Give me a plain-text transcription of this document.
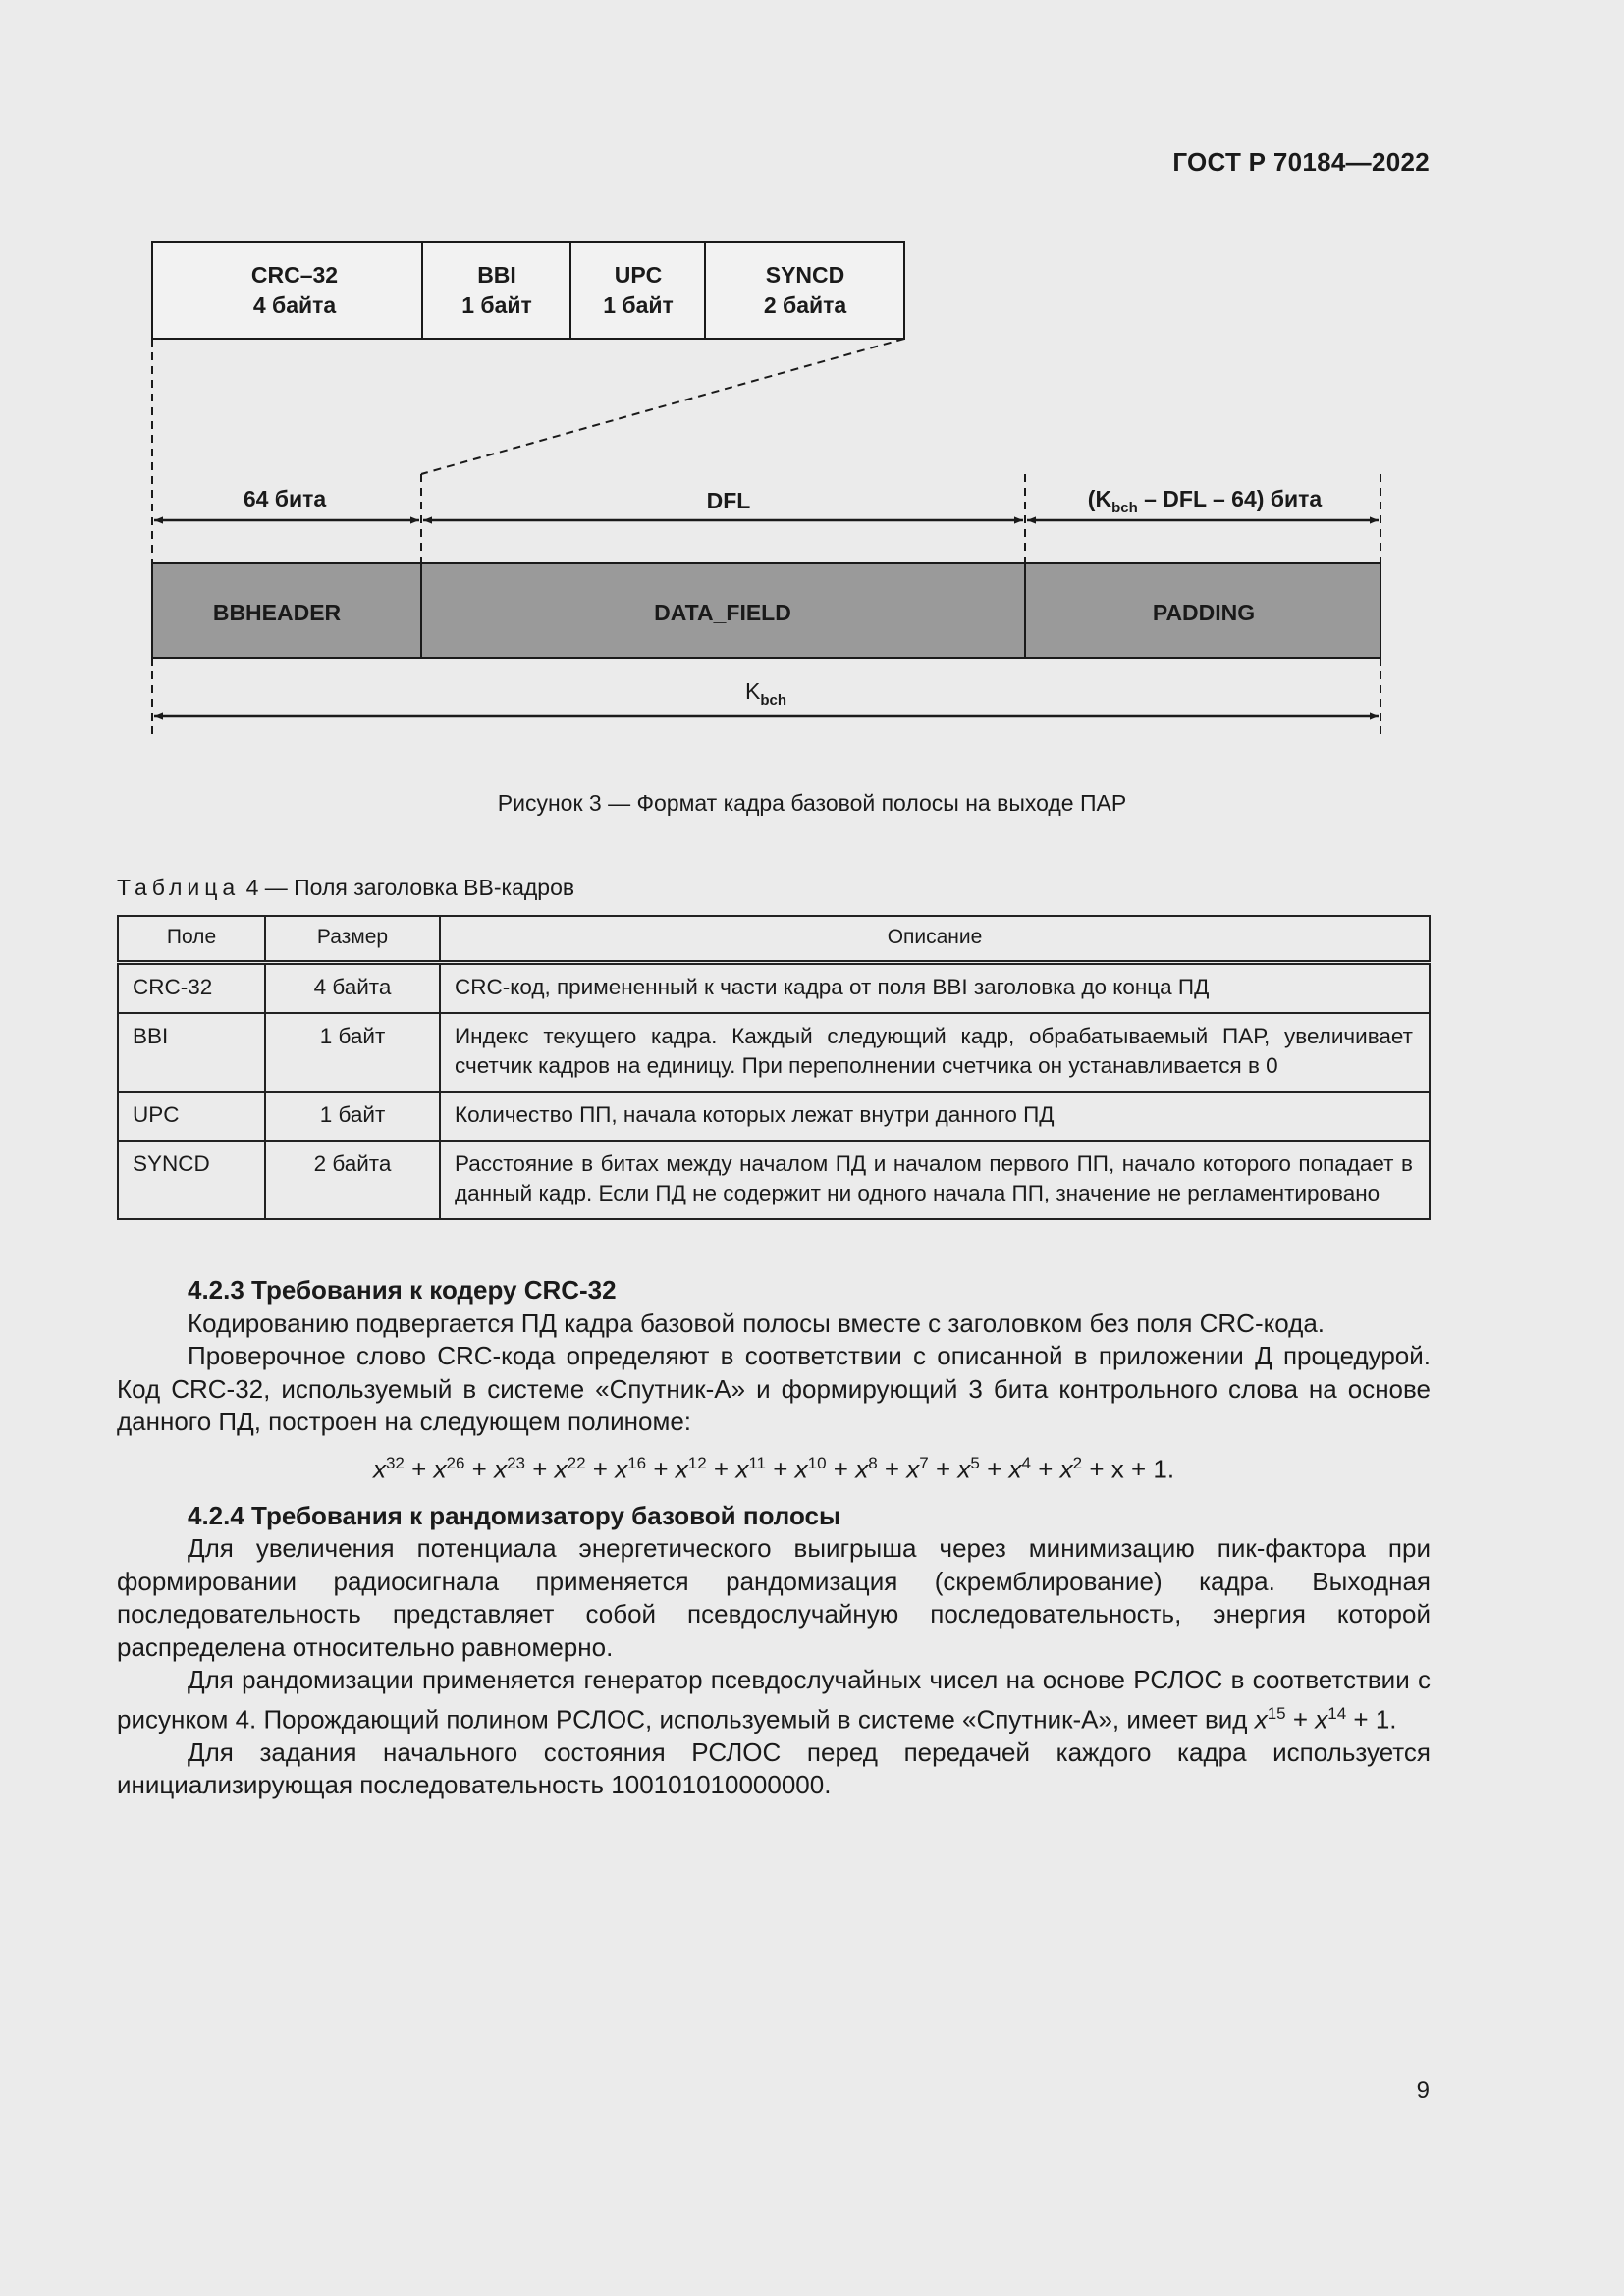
ГОСТ Р 70184—2022
CRC–32
4 байта
BBI
1 байт
UPC
1 байт
SYNCD
2 байта
64 бита	DFL	($K_{bch}$ – DFL – 64) бита
BBHEADER	DATA_FIELD	PADDING
$K_{bch}$
Рисунок 3 — Формат кадра базовой полосы на выходе ПАР
Таблица 4 — Поля заголовка BB-кадров
Поле	Размер	Описание
CRC-32	4 байта	CRC-код, примененный к части кадра от поля BBI заголовка до конца ПД
BBI	1 байт	Индекс текущего кадра. Каждый следующий кадр, обрабатываемый ПАР, увеличивает счетчик кадров на единицу. При переполнении счетчика он устанавливается в 0
UPC	1 байт	Количество ПП, начала которых лежат внутри данного ПД
SYNCD	2 байта	Расстояние в битах между началом ПД и началом первого ПП, начало которого попадает в данный кадр. Если ПД не содержит ни одного начала ПП, значение не регламентировано
4.2.3 Требования к кодеру CRC-32

Кодированию подвергается ПД кадра базовой полосы вместе с заголовком без поля CRC-кода.

Проверочное слово CRC-кода определяют в соответствии с описанной в приложении Д процедурой. Код CRC-32, используемый в системе «Спутник-А» и формирующий 3 бита контрольного слова на основе данного ПД, построен на следующем полиноме:

$x^{32} + x^{26} + x^{23} + x^{22} + x^{16} + x^{12} + x^{11} + x^{10} + x^8 + x^7 + x^5 + x^4 + x^2 + x + 1$.

4.2.4 Требования к рандомизатору базовой полосы

Для увеличения потенциала энергетического выигрыша через минимизацию пик-фактора при формировании радиосигнала применяется рандомизация (скремблирование) кадра. Выходная последовательность представляет собой псевдослучайную последовательность, энергия которой распределена относительно равномерно.

Для рандомизации применяется генератор псевдослучайных чисел на основе РСЛОС в соответствии с рисунком 4. Порождающий полином РСЛОС, используемый в системе «Спутник-А», имеет вид $x^{15} + x^{14} + 1$.

Для задания начального состояния РСЛОС перед передачей каждого кадра используется инициализирующая последовательность 100101010000000.

9
